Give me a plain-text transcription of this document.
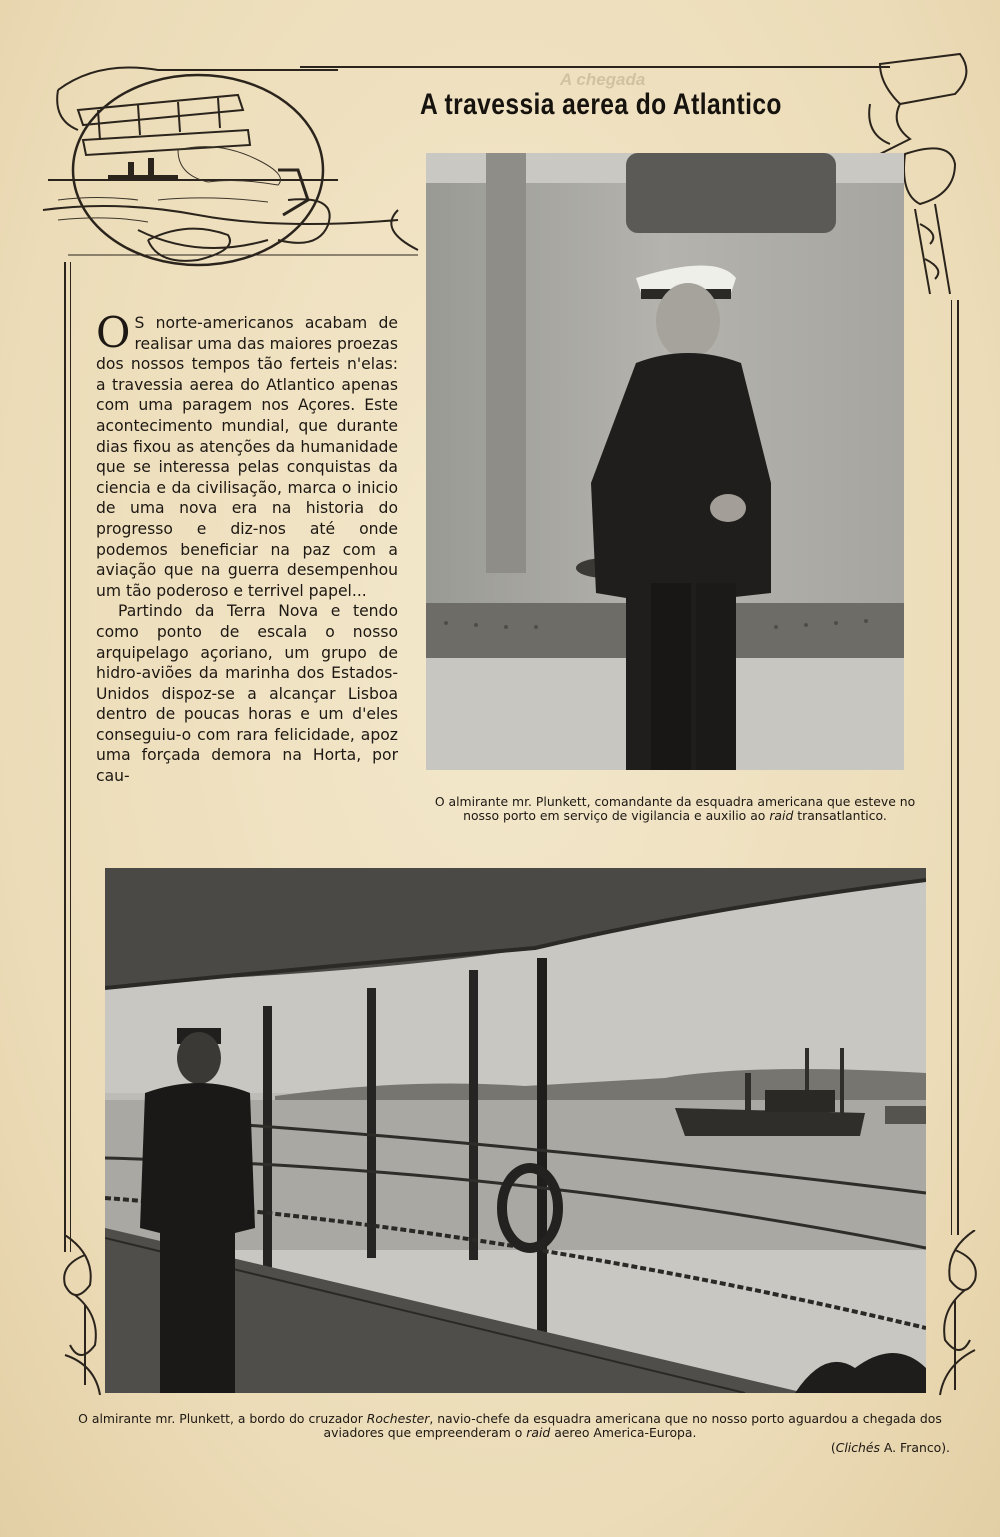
A chegada
A travessia aerea do Atlantico

O S norte-americanos acabam de realisar uma das maiores proezas dos nossos tempos tão ferteis n'elas: a travessia aerea do Atlantico apenas com uma paragem nos Açores. Este acontecimento mundial, que durante dias fixou as atenções da humanidade que se interessa pelas conquistas da ciencia e da civilisação, marca o inicio de uma nova era na historia do progresso e diz-nos até onde podemos beneficiar na paz com a aviação que na guerra desempenhou um tão poderoso e terrivel papel...

Partindo da Terra Nova e tendo como ponto de escala o nosso arquipelago açoriano, um grupo de hidro-aviões da marinha dos Estados-Unidos dispoz-se a alcançar Lisboa dentro de poucas horas e um d'eles conseguiu-o com rara felicidade, apoz uma forçada demora na Horta, por cau-

O almirante mr. Plunkett, comandante da esquadra americana que esteve no nosso porto em serviço de vigilancia e auxilio ao raid transatlantico.
O almirante mr. Plunkett, a bordo do cruzador Rochester, navio-chefe da esquadra americana que no nosso porto aguardou a chegada dos aviadores que empreenderam o raid aereo America-Europa.
(Clichés A. Franco).
